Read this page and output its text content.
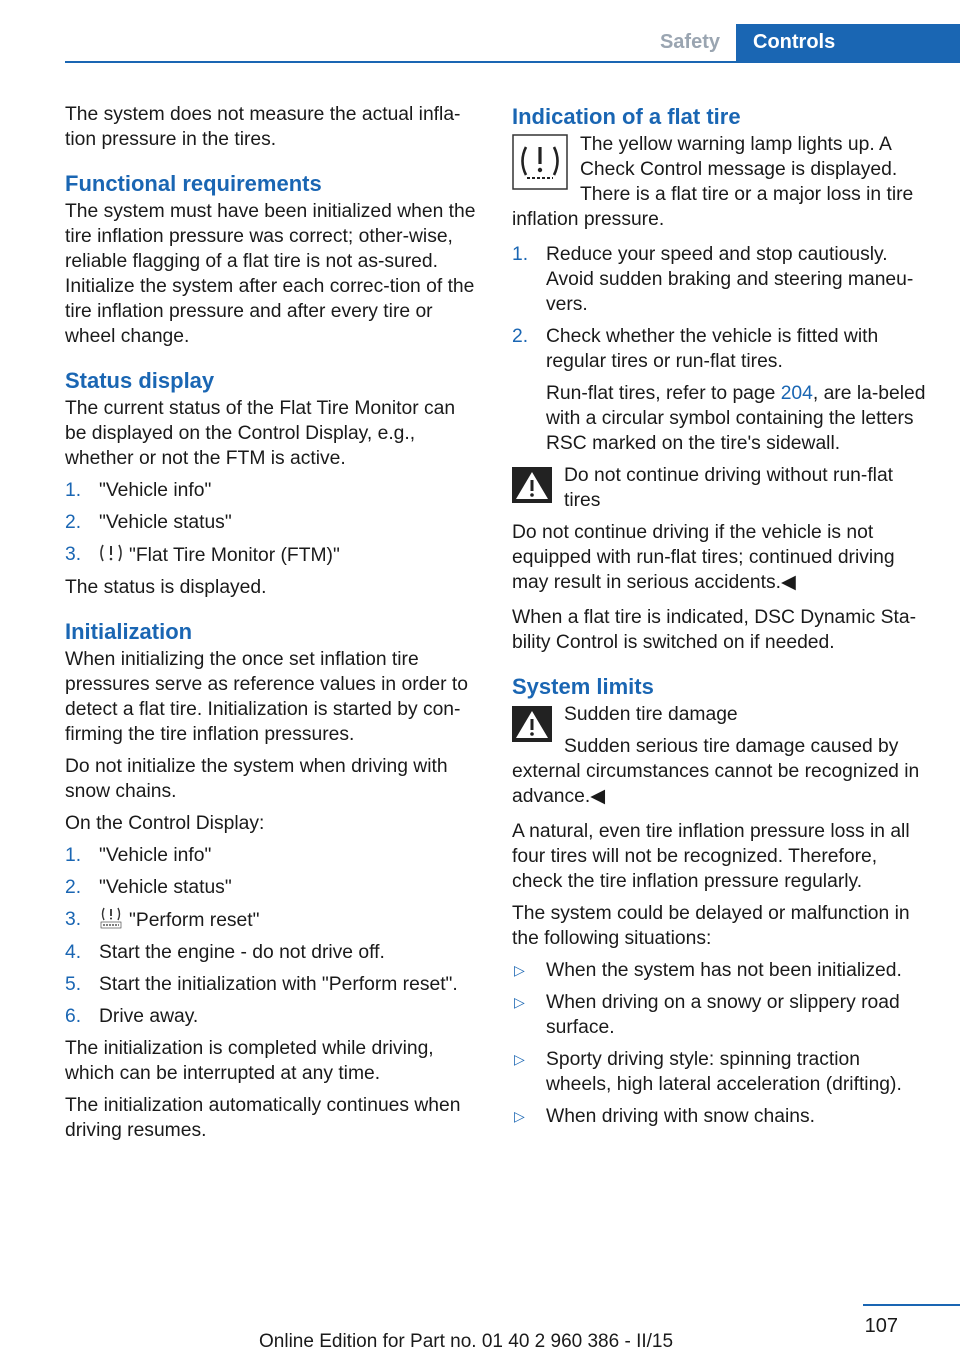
Safety	Controls

The system does not measure the actual infla-tion pressure in the tires.

Functional requirements

The system must have been initialized when the tire inflation pressure was correct; other-wise, reliable flagging of a flat tire is not as-sured. Initialize the system after each correc-tion of the tire inflation pressure and after every tire or wheel change.

Status display

The current status of the Flat Tire Monitor can be displayed on the Control Display, e.g., whether or not the FTM is active.

1. "Vehicle info"
2. "Vehicle status"
3. "Flat Tire Monitor (FTM)"

The status is displayed.

Initialization

When initializing the once set inflation tire pressures serve as reference values in order to detect a flat tire. Initialization is started by con-firming the tire inflation pressures.

Do not initialize the system when driving with snow chains.

On the Control Display:

1. "Vehicle info"
2. "Vehicle status"
3. "Perform reset"
4. Start the engine - do not drive off.
5. Start the initialization with "Perform reset".
6. Drive away.

The initialization is completed while driving, which can be interrupted at any time.

The initialization automatically continues when driving resumes.

Indication of a flat tire

The yellow warning lamp lights up. A Check Control message is displayed.

There is a flat tire or a major loss in tire inflation pressure.

1. Reduce your speed and stop cautiously. Avoid sudden braking and steering maneu-vers.
2. Check whether the vehicle is fitted with regular tires or run-flat tires.
Run-flat tires, refer to page 204, are la-beled with a circular symbol containing the letters RSC marked on the tire's sidewall.

Do not continue driving without run-flat tires

Do not continue driving if the vehicle is not equipped with run-flat tires; continued driving may result in serious accidents.◀

When a flat tire is indicated, DSC Dynamic Sta-bility Control is switched on if needed.

System limits

Sudden tire damage

Sudden serious tire damage caused by external circumstances cannot be recognized in advance.◀

A natural, even tire inflation pressure loss in all four tires will not be recognized. Therefore, check the tire inflation pressure regularly.

The system could be delayed or malfunction in the following situations:

▷ When the system has not been initialized.
▷ When driving on a snowy or slippery road surface.
▷ Sporty driving style: spinning traction wheels, high lateral acceleration (drifting).
▷ When driving with snow chains.
107
Online Edition for Part no. 01 40 2 960 386 - II/15
